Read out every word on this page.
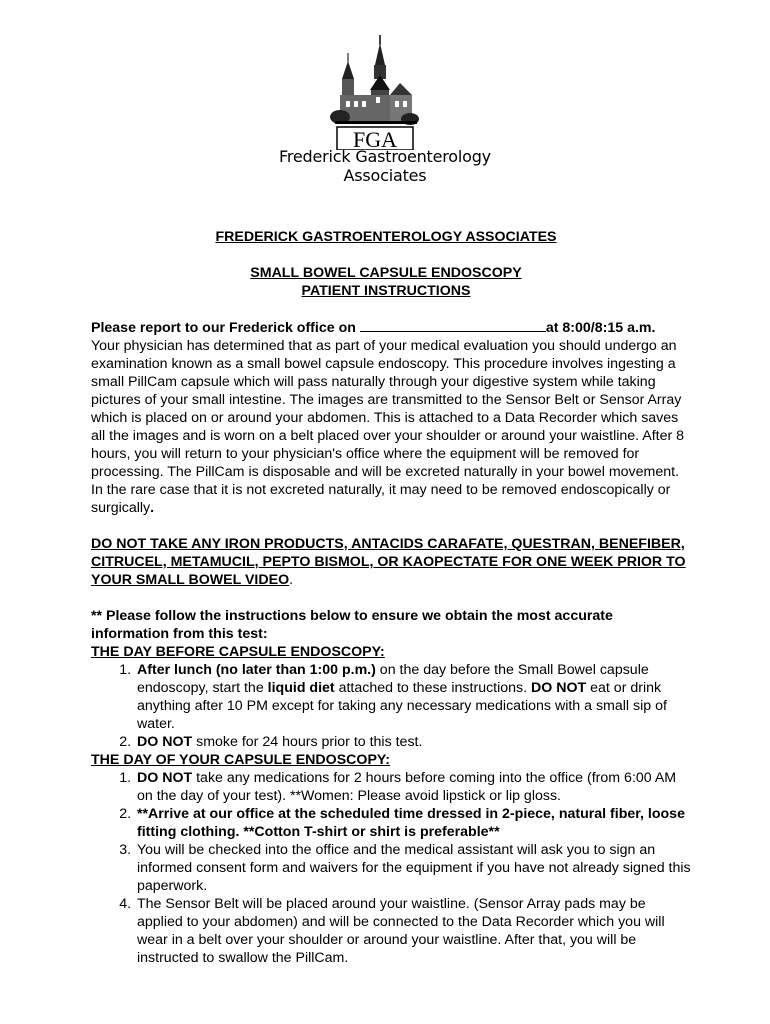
FGA
Frederick Gastroenterology Associates
FREDERICK GASTROENTEROLOGY ASSOCIATES
SMALL BOWEL CAPSULE ENDOSCOPY
PATIENT INSTRUCTIONS
Please report to our Frederick office on	at 8:00/8:15 a.m.

Your physician has determined that as part of your medical evaluation you should undergo an examination known as a small bowel capsule endoscopy. This procedure involves ingesting a small PillCam capsule which will pass naturally through your digestive system while taking pictures of your small intestine. The images are transmitted to the Sensor Belt or Sensor Array which is placed on or around your abdomen. This is attached to a Data Recorder which saves all the images and is worn on a belt placed over your shoulder or around your waistline. After 8 hours, you will return to your physician's office where the equipment will be removed for processing. The PillCam is disposable and will be excreted naturally in your bowel movement. In the rare case that it is not excreted naturally, it may need to be removed endoscopically or surgically.

DO NOT TAKE ANY IRON PRODUCTS, ANTACIDS CARAFATE, QUESTRAN, BENEFIBER, CITRUCEL, METAMUCIL, PEPTO BISMOL, OR KAOPECTATE FOR ONE WEEK PRIOR TO YOUR SMALL BOWEL VIDEO.

** Please follow the instructions below to ensure we obtain the most accurate information from this test:

THE DAY BEFORE CAPSULE ENDOSCOPY:
1. After lunch (no later than 1:00 p.m.) on the day before the Small Bowel capsule endoscopy, start the liquid diet attached to these instructions. DO NOT eat or drink anything after 10 PM except for taking any necessary medications with a small sip of water.
2. DO NOT smoke for 24 hours prior to this test.
THE DAY OF YOUR CAPSULE ENDOSCOPY:
1. DO NOT take any medications for 2 hours before coming into the office (from 6:00 AM on the day of your test). **Women: Please avoid lipstick or lip gloss.
2. **Arrive at our office at the scheduled time dressed in 2-piece, natural fiber, loose fitting clothing. **Cotton T-shirt or shirt is preferable**
3. You will be checked into the office and the medical assistant will ask you to sign an informed consent form and waivers for the equipment if you have not already signed this paperwork.
4. The Sensor Belt will be placed around your waistline. (Sensor Array pads may be applied to your abdomen) and will be connected to the Data Recorder which you will wear in a belt over your shoulder or around your waistline. After that, you will be instructed to swallow the PillCam.
